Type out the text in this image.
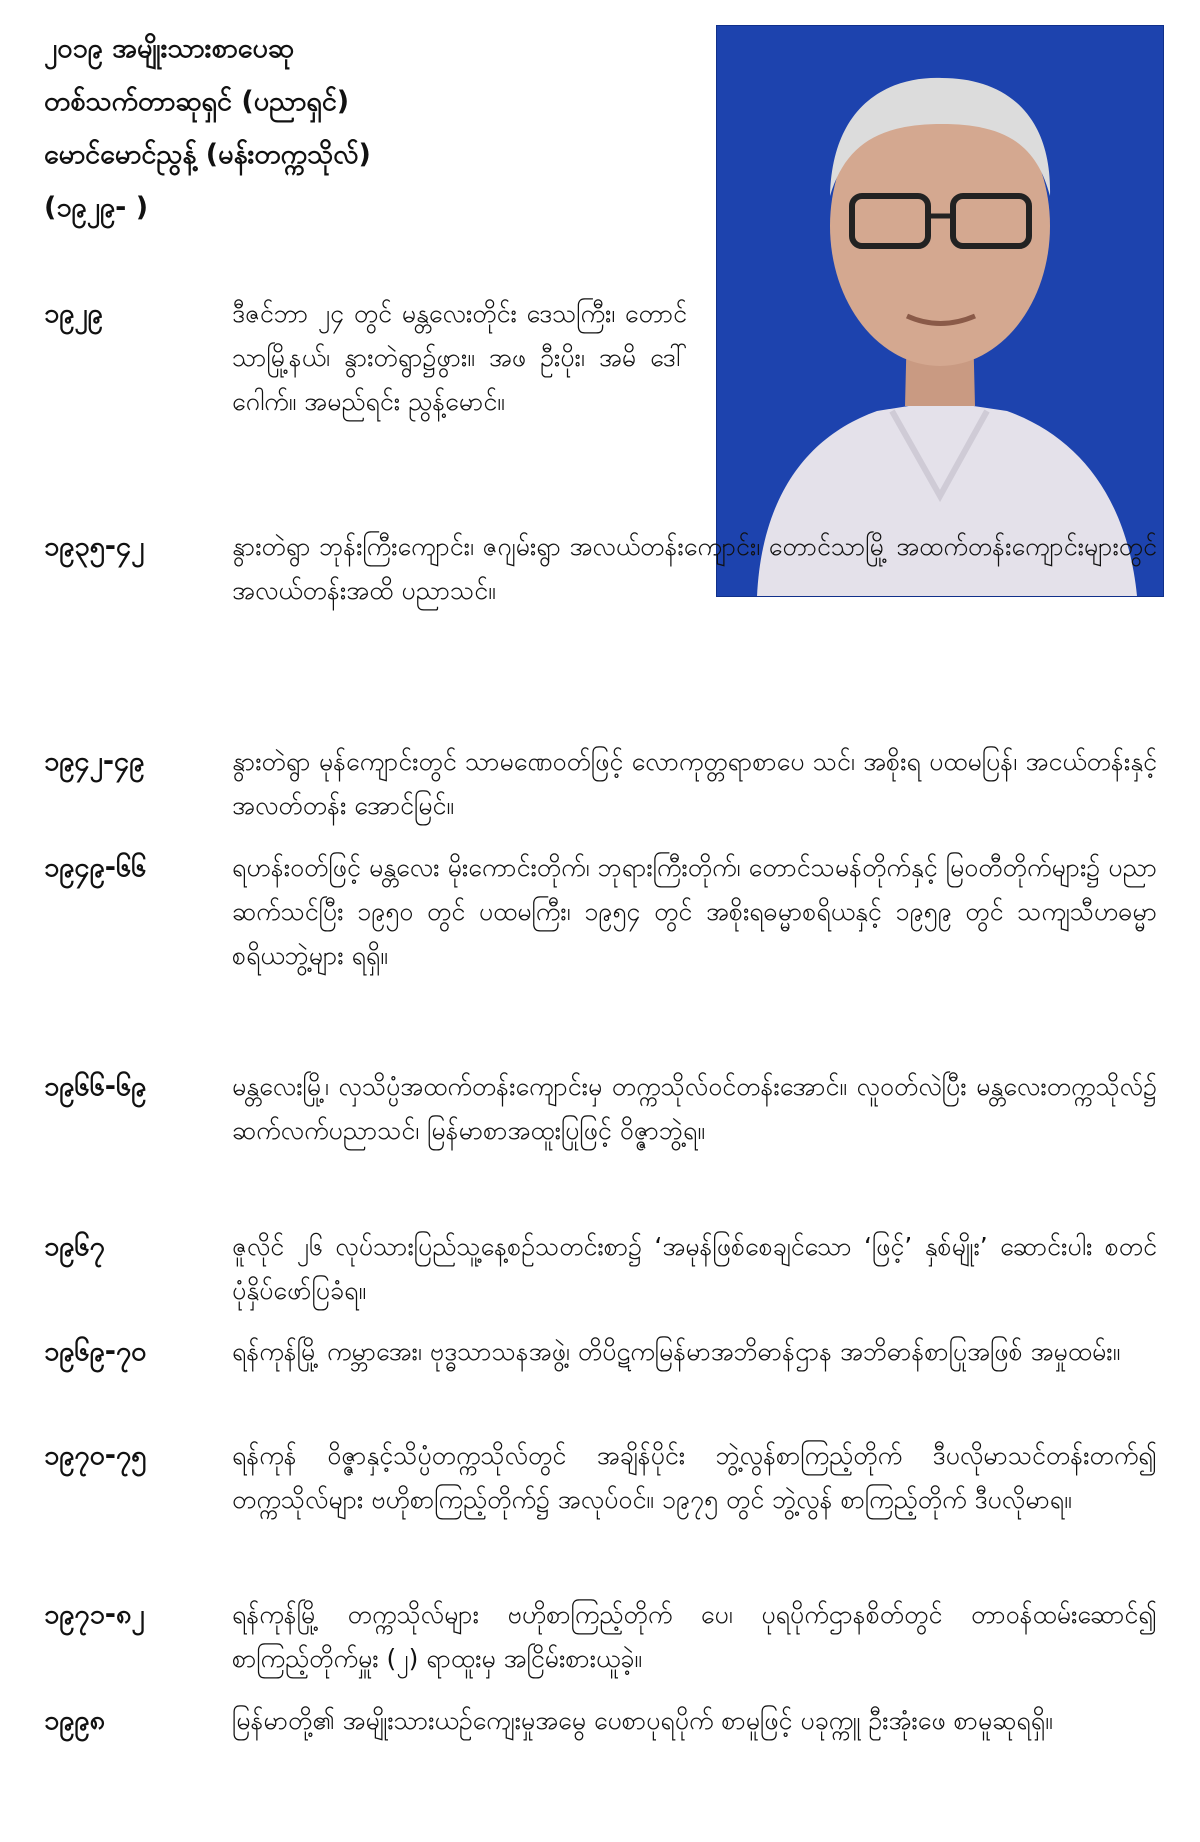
၂၀၁၉ အမျိုးသားစာပေဆု
တစ်သက်တာဆုရှင် (ပညာရှင်)
မောင်မောင်ညွန့် (မန်းတက္ကသိုလ်)
(၁၉၂၉- )
၁၉၂၉	ဒီဇင်ဘာ ၂၄ တွင် မန္တလေးတိုင်း ဒေသကြီး၊ တောင်သာမြို့နယ်၊ နွားတဲရွာ၌ဖွား။ အဖ ဦးပိုး၊ အမိ ဒေါ်ဂေါက်။ အမည်ရင်း ညွန့်မောင်။
၁၉၃၅-၄၂	နွားတဲရွာ ဘုန်းကြီးကျောင်း၊ ဇဂျမ်းရွာ အလယ်တန်းကျောင်း၊ တောင်သာမြို့ အထက်တန်းကျောင်းများတွင် အလယ်တန်းအထိ ပညာသင်။
၁၉၄၂-၄၉	နွားတဲရွာ မုန်ကျောင်းတွင် သာမဏေဝတ်ဖြင့် လောကုတ္တရာစာပေ သင်၊ အစိုးရ ပထမပြန်၊ အငယ်တန်းနှင့် အလတ်တန်း အောင်မြင်။
၁၉၄၉-၆၆	ရဟန်းဝတ်ဖြင့် မန္တလေး မိုးကောင်းတိုက်၊ ဘုရားကြီးတိုက်၊ တောင်သမန်တိုက်နှင့် မြဝတီတိုက်များ၌ ပညာဆက်သင်ပြီး ၁၉၅၀ တွင် ပထမကြီး၊ ၁၉၅၄ တွင် အစိုးရဓမ္မာစရိယနှင့် ၁၉၅၉ တွင် သကျသီဟဓမ္မာစရိယဘွဲ့များ ရရှိ။
၁၉၆၆-၆၉	မန္တလေးမြို့၊ လှသိပ္ပံအထက်တန်းကျောင်းမှ တက္ကသိုလ်ဝင်တန်းအောင်။ လူဝတ်လဲပြီး မန္တလေးတက္ကသိုလ်၌ ဆက်လက်ပညာသင်၊ မြန်မာစာအထူးပြုဖြင့် ဝိဇ္ဇာဘွဲ့ရ။
၁၉၆၇	ဇူလိုင် ၂၆ လုပ်သားပြည်သူ့နေ့စဉ်သတင်းစာ၌ ‘အမုန်ဖြစ်စေချင်သော ‘ဖြင့်’ နှစ်မျိုး’ ဆောင်းပါး စတင်ပုံနှိပ်ဖော်ပြခံရ။
၁၉၆၉-၇၀	ရန်ကုန်မြို့ ကမ္ဘာအေး၊ ဗုဒ္ဓသာသနအဖွဲ့၊ တိပိဋကမြန်မာအဘိဓာန်ဌာန အဘိဓာန်စာပြုအဖြစ် အမှုထမ်း။
၁၉၇၀-၇၅	ရန်ကုန် ဝိဇ္ဇာနှင့်သိပ္ပံတက္ကသိုလ်တွင် အချိန်ပိုင်း ဘွဲ့လွန်စာကြည့်တိုက် ဒီပလိုမာသင်တန်းတက်၍ တက္ကသိုလ်များ ဗဟိုစာကြည့်တိုက်၌ အလုပ်ဝင်။ ၁၉၇၅ တွင် ဘွဲ့လွန် စာကြည့်တိုက် ဒီပလိုမာရ။
၁၉၇၁-၈၂	ရန်ကုန်မြို့ တက္ကသိုလ်များ ဗဟိုစာကြည့်တိုက် ပေ၊ ပုရပိုက်ဌာနစိတ်တွင် တာဝန်ထမ်းဆောင်၍ စာကြည့်တိုက်မှူး (၂) ရာထူးမှ အငြိမ်းစားယူခဲ့။
၁၉၉၈	မြန်မာတို့၏ အမျိုးသားယဉ်ကျေးမှုအမွေ ပေစာပုရပိုက် စာမူဖြင့် ပခုက္ကူ ဦးအုံးဖေ စာမူဆုရရှိ။
